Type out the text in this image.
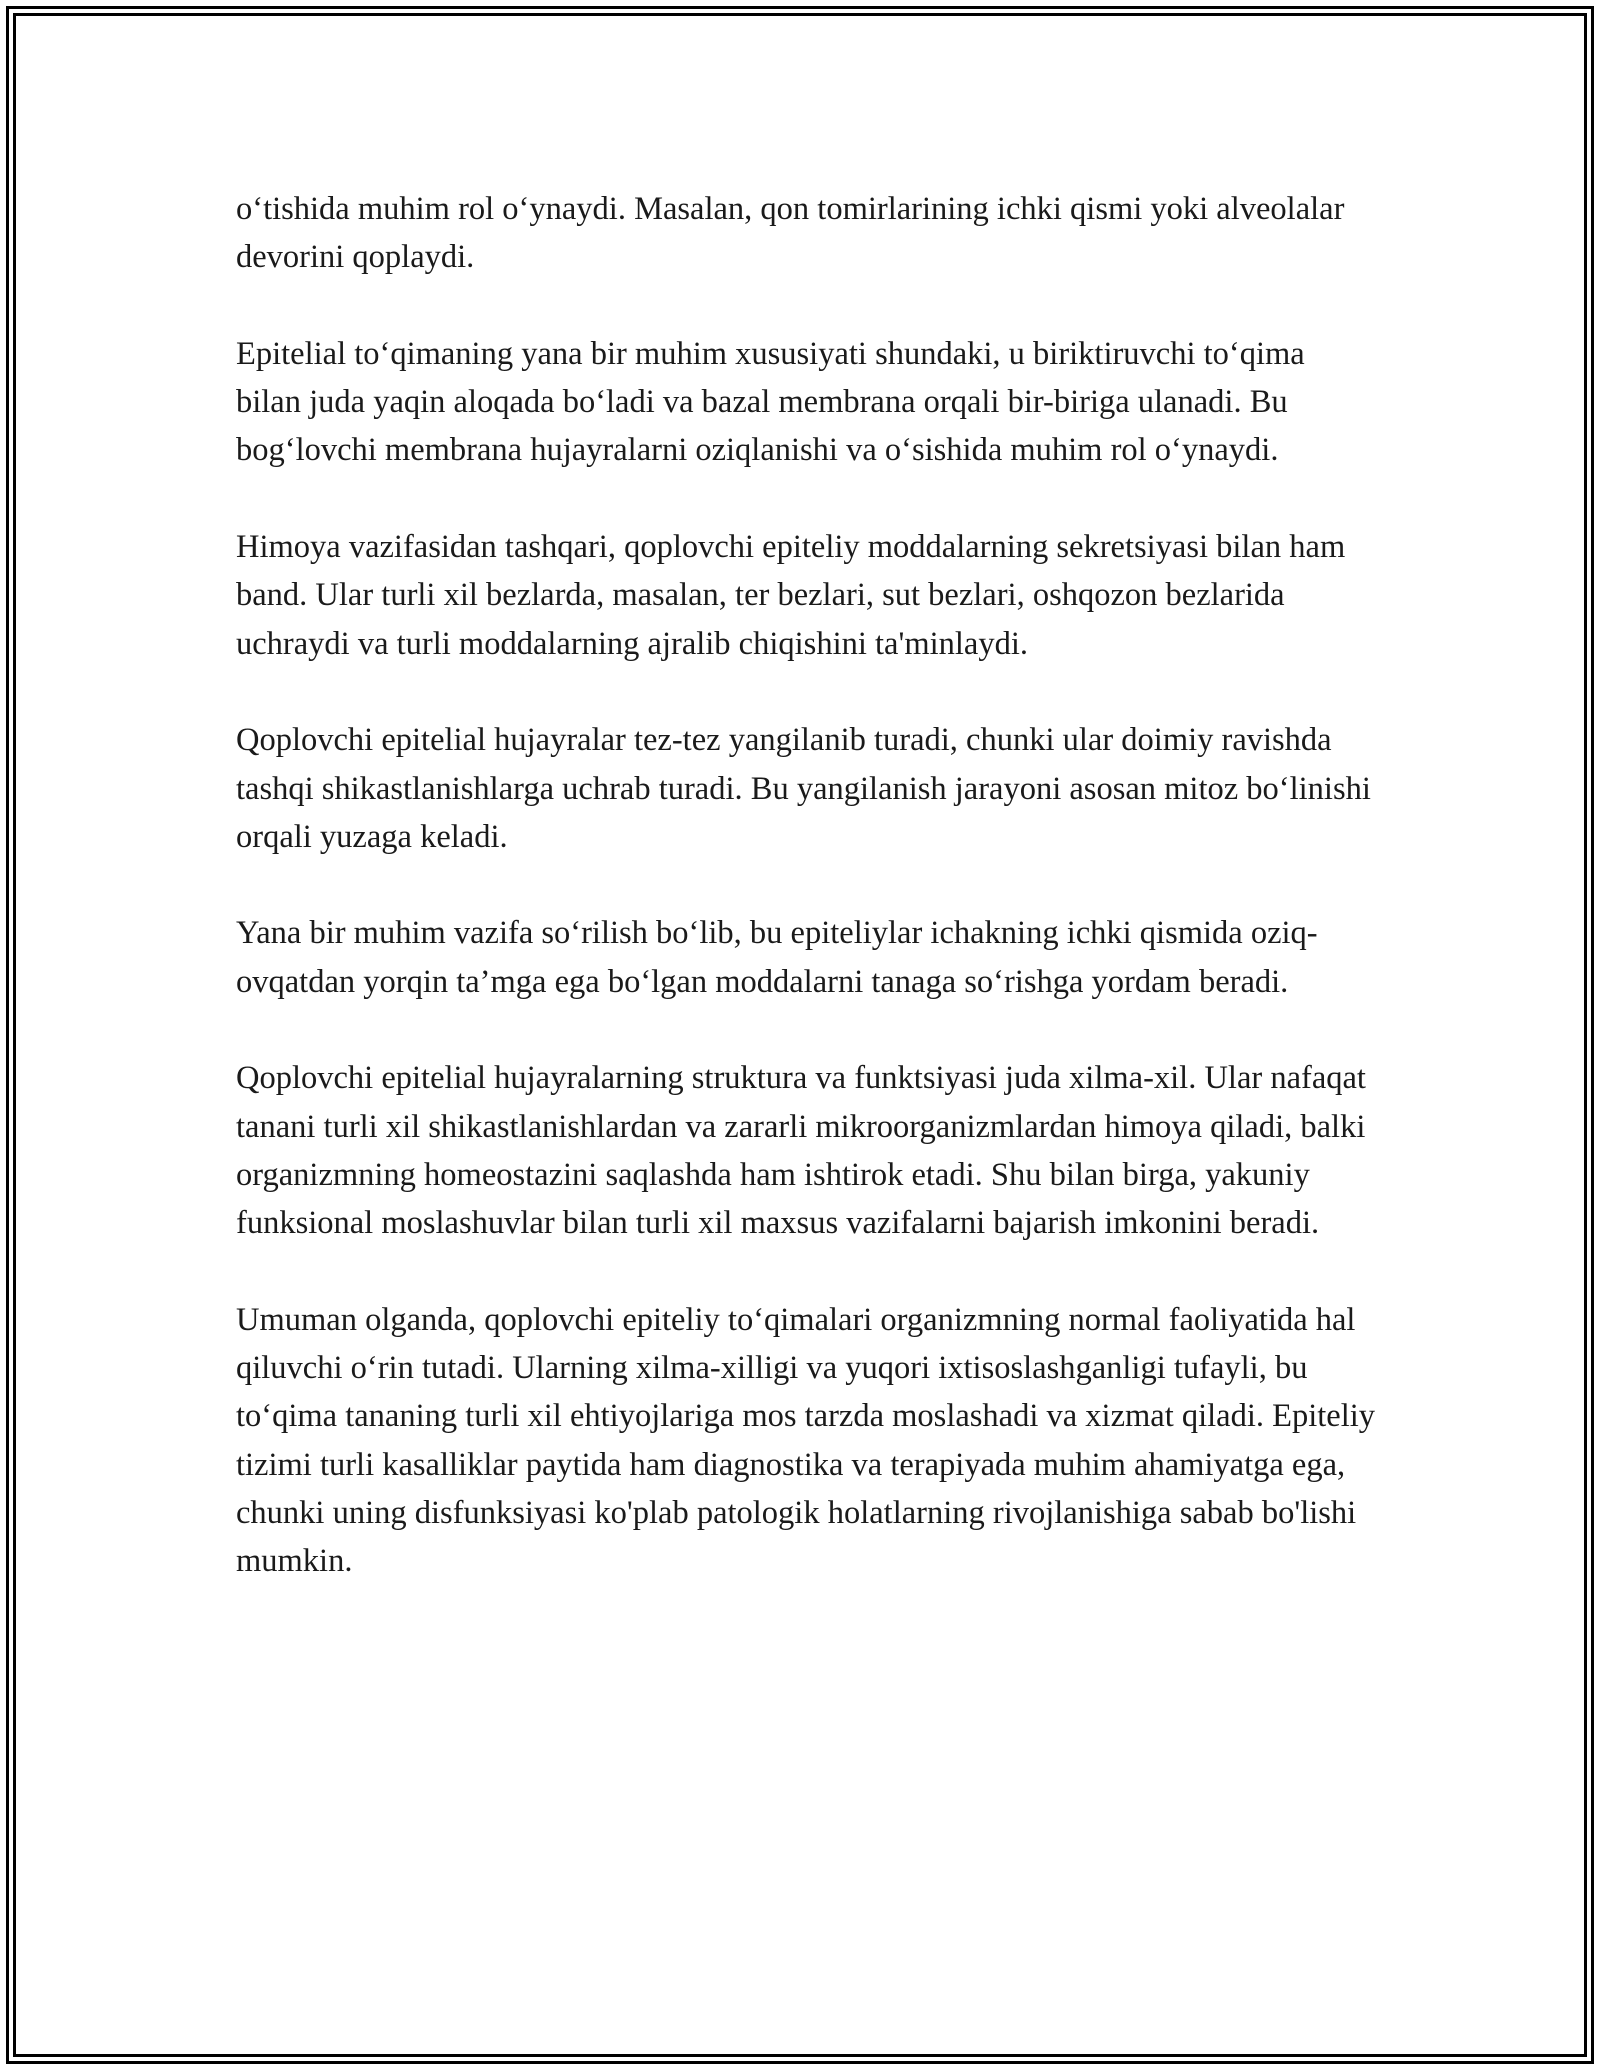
o‘tishida muhim rol o‘ynaydi. Masalan, qon tomirlarining ichki qismi yoki alveolalar devorini qoplaydi.

Epitelial to‘qimaning yana bir muhim xususiyati shundaki, u biriktiruvchi to‘qima bilan juda yaqin aloqada bo‘ladi va bazal membrana orqali bir-biriga ulanadi. Bu bog‘lovchi membrana hujayralarni oziqlanishi va o‘sishida muhim rol o‘ynaydi.

Himoya vazifasidan tashqari, qoplovchi epiteliy moddalarning sekretsiyasi bilan ham band. Ular turli xil bezlarda, masalan, ter bezlari, sut bezlari, oshqozon bezlarida uchraydi va turli moddalarning ajralib chiqishini ta'minlaydi.

Qoplovchi epitelial hujayralar tez-tez yangilanib turadi, chunki ular doimiy ravishda tashqi shikastlanishlarga uchrab turadi. Bu yangilanish jarayoni asosan mitoz bo‘linishi orqali yuzaga keladi.

Yana bir muhim vazifa so‘rilish bo‘lib, bu epiteliylar ichakning ichki qismida oziq-ovqatdan yorqin ta’mga ega bo‘lgan moddalarni tanaga so‘rishga yordam beradi.

Qoplovchi epitelial hujayralarning struktura va funktsiyasi juda xilma-xil. Ular nafaqat tanani turli xil shikastlanishlardan va zararli mikroorganizmlardan himoya qiladi, balki organizmning homeostazini saqlashda ham ishtirok etadi. Shu bilan birga, yakuniy funksional moslashuvlar bilan turli xil maxsus vazifalarni bajarish imkonini beradi.

Umuman olganda, qoplovchi epiteliy to‘qimalari organizmning normal faoliyatida hal qiluvchi o‘rin tutadi. Ularning xilma-xilligi va yuqori ixtisoslashganligi tufayli, bu to‘qima tananing turli xil ehtiyojlariga mos tarzda moslashadi va xizmat qiladi. Epiteliy tizimi turli kasalliklar paytida ham diagnostika va terapiyada muhim ahamiyatga ega, chunki uning disfunksiyasi ko'plab patologik holatlarning rivojlanishiga sabab bo'lishi mumkin.
